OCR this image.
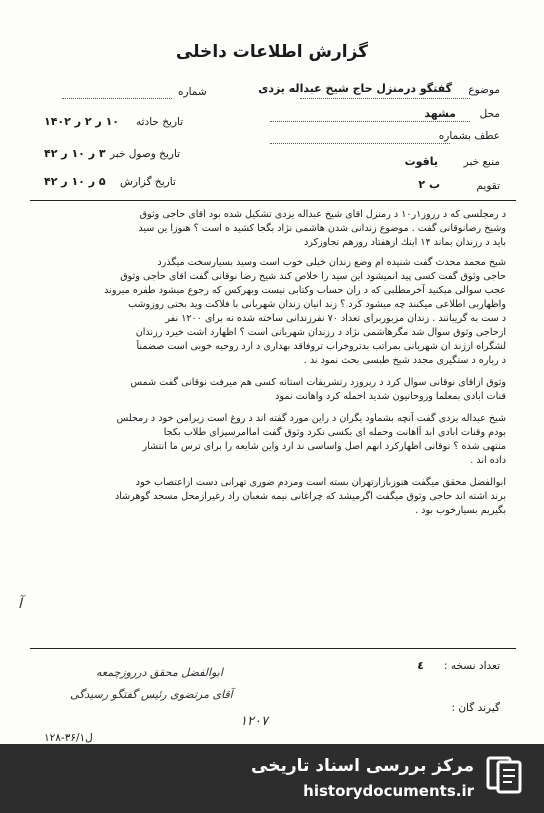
گزارش اطلاعات داخلی
موضوع
گفتگو درمنزل حاج شیخ عبداله یزدی
محل
مشهد
عطف بشماره
منبع خبر
یاقوت
تقویم
ب ۲
شماره
تاریخ حادثه
۱۰ ر ۲ ر ۱۴۰۲
تاریخ وصول خبر
۳ ر ۱۰ ر ۴۲
تاریخ گزارش
۵ ر ۱۰ ر ۴۲
د رمجلسی که د رروز۱ر۱۰ د رمنزل اقای شیخ عبداله یزدی تشکیل شده بود اقای حاجی وثوق
وشیخ رضانوقانی گفت . موضوع زندانی شدن هاشمی نژاد بگجا کشید ه است ؟ هنوزا ین سید
باید د رزندان بماند ۱۴ اینك ازهفتاد روزهم تجاوزكرد
شیخ محمد محدث گفت شنیده ام وضع زندان خیلی خوب است وسید بسیارسخت میگذرد
حاجی وثوق گفت کسی پید انمیشود این سید را خلاص کند شیخ رضا نوقانی گفت اقای حاجی وثوق
عجب سوالی میکنید آخرمطلبی که د ران حساب وکتابی نیست وبهرکس که رجوع میشود طفره میروند
واظهاربی اطلاعی میکنند چه میشود کرد ؟ زند انیان زندان شهربانی با فلاکت وید بختی روزوشب
د ست به گریبانند . زندان مزبوربرای تعداد ۷۰ نفرزندانی ساخته شده نه برای ۱۲۰۰ نفر
ازحاجی وثوق سوال شد مگرهاشمی نژاد د رزندان شهربانی است ؟ اظهارد اشت خیرد رزندان
لشگراه ازژند ان شهربانی بمراتب بدتروخراب تروفاقد بهداری د ارد روحیه خوبی است صضمناً
د رباره د ستگیری مجدد شیخ طبسی بحث نمود ند .
وثوق ازاقای نوقانی سوال کرد د ربروزد رتشریفات استانه کسی هم میرفت نوقانی گفت شمس
قنات ابادی بمعلما وروحانیون شدید احمله کرد واهانت نمود
شیخ عبداله یزدی گفت آنچه بشماود یگران د راین مورد گفته اند د روغ است زیرامن خود د رمجلس
بودم وقنات ابادی ابد اًاهانت وحمله ای بکسی نکرد وثوق گفت اماامرسیزای طلاب بکجا
منتهی شده ؟ نوقانی اظهارکرد انهم اصل واساسی ند ارد واین شایعه را برای ترس ما انتشار
داده اند .
ابوالفضل محقق میگفت هنوزبازارتهران بسته است ومردم ضوری تهرانی دست ازاعتصاب خود
برند اشته اند حاجی وثوق میگفت اگرمیشد که چراغانی نیمه شعبان راد رغیرازمحل مسجد گوهرشاد
بگیریم بسیارخوب بود .
آ
تعداد نسخه :
٤
گیرند گان :
ابوالفضل محقق درروزچمعه
آقای مرتضوی رئیس گفتگو رسیدگی
۱۲۰۷
۱۲۸-۳۶/۱ل
مرکز بررسی اسناد تاریخی
historydocuments.ir
